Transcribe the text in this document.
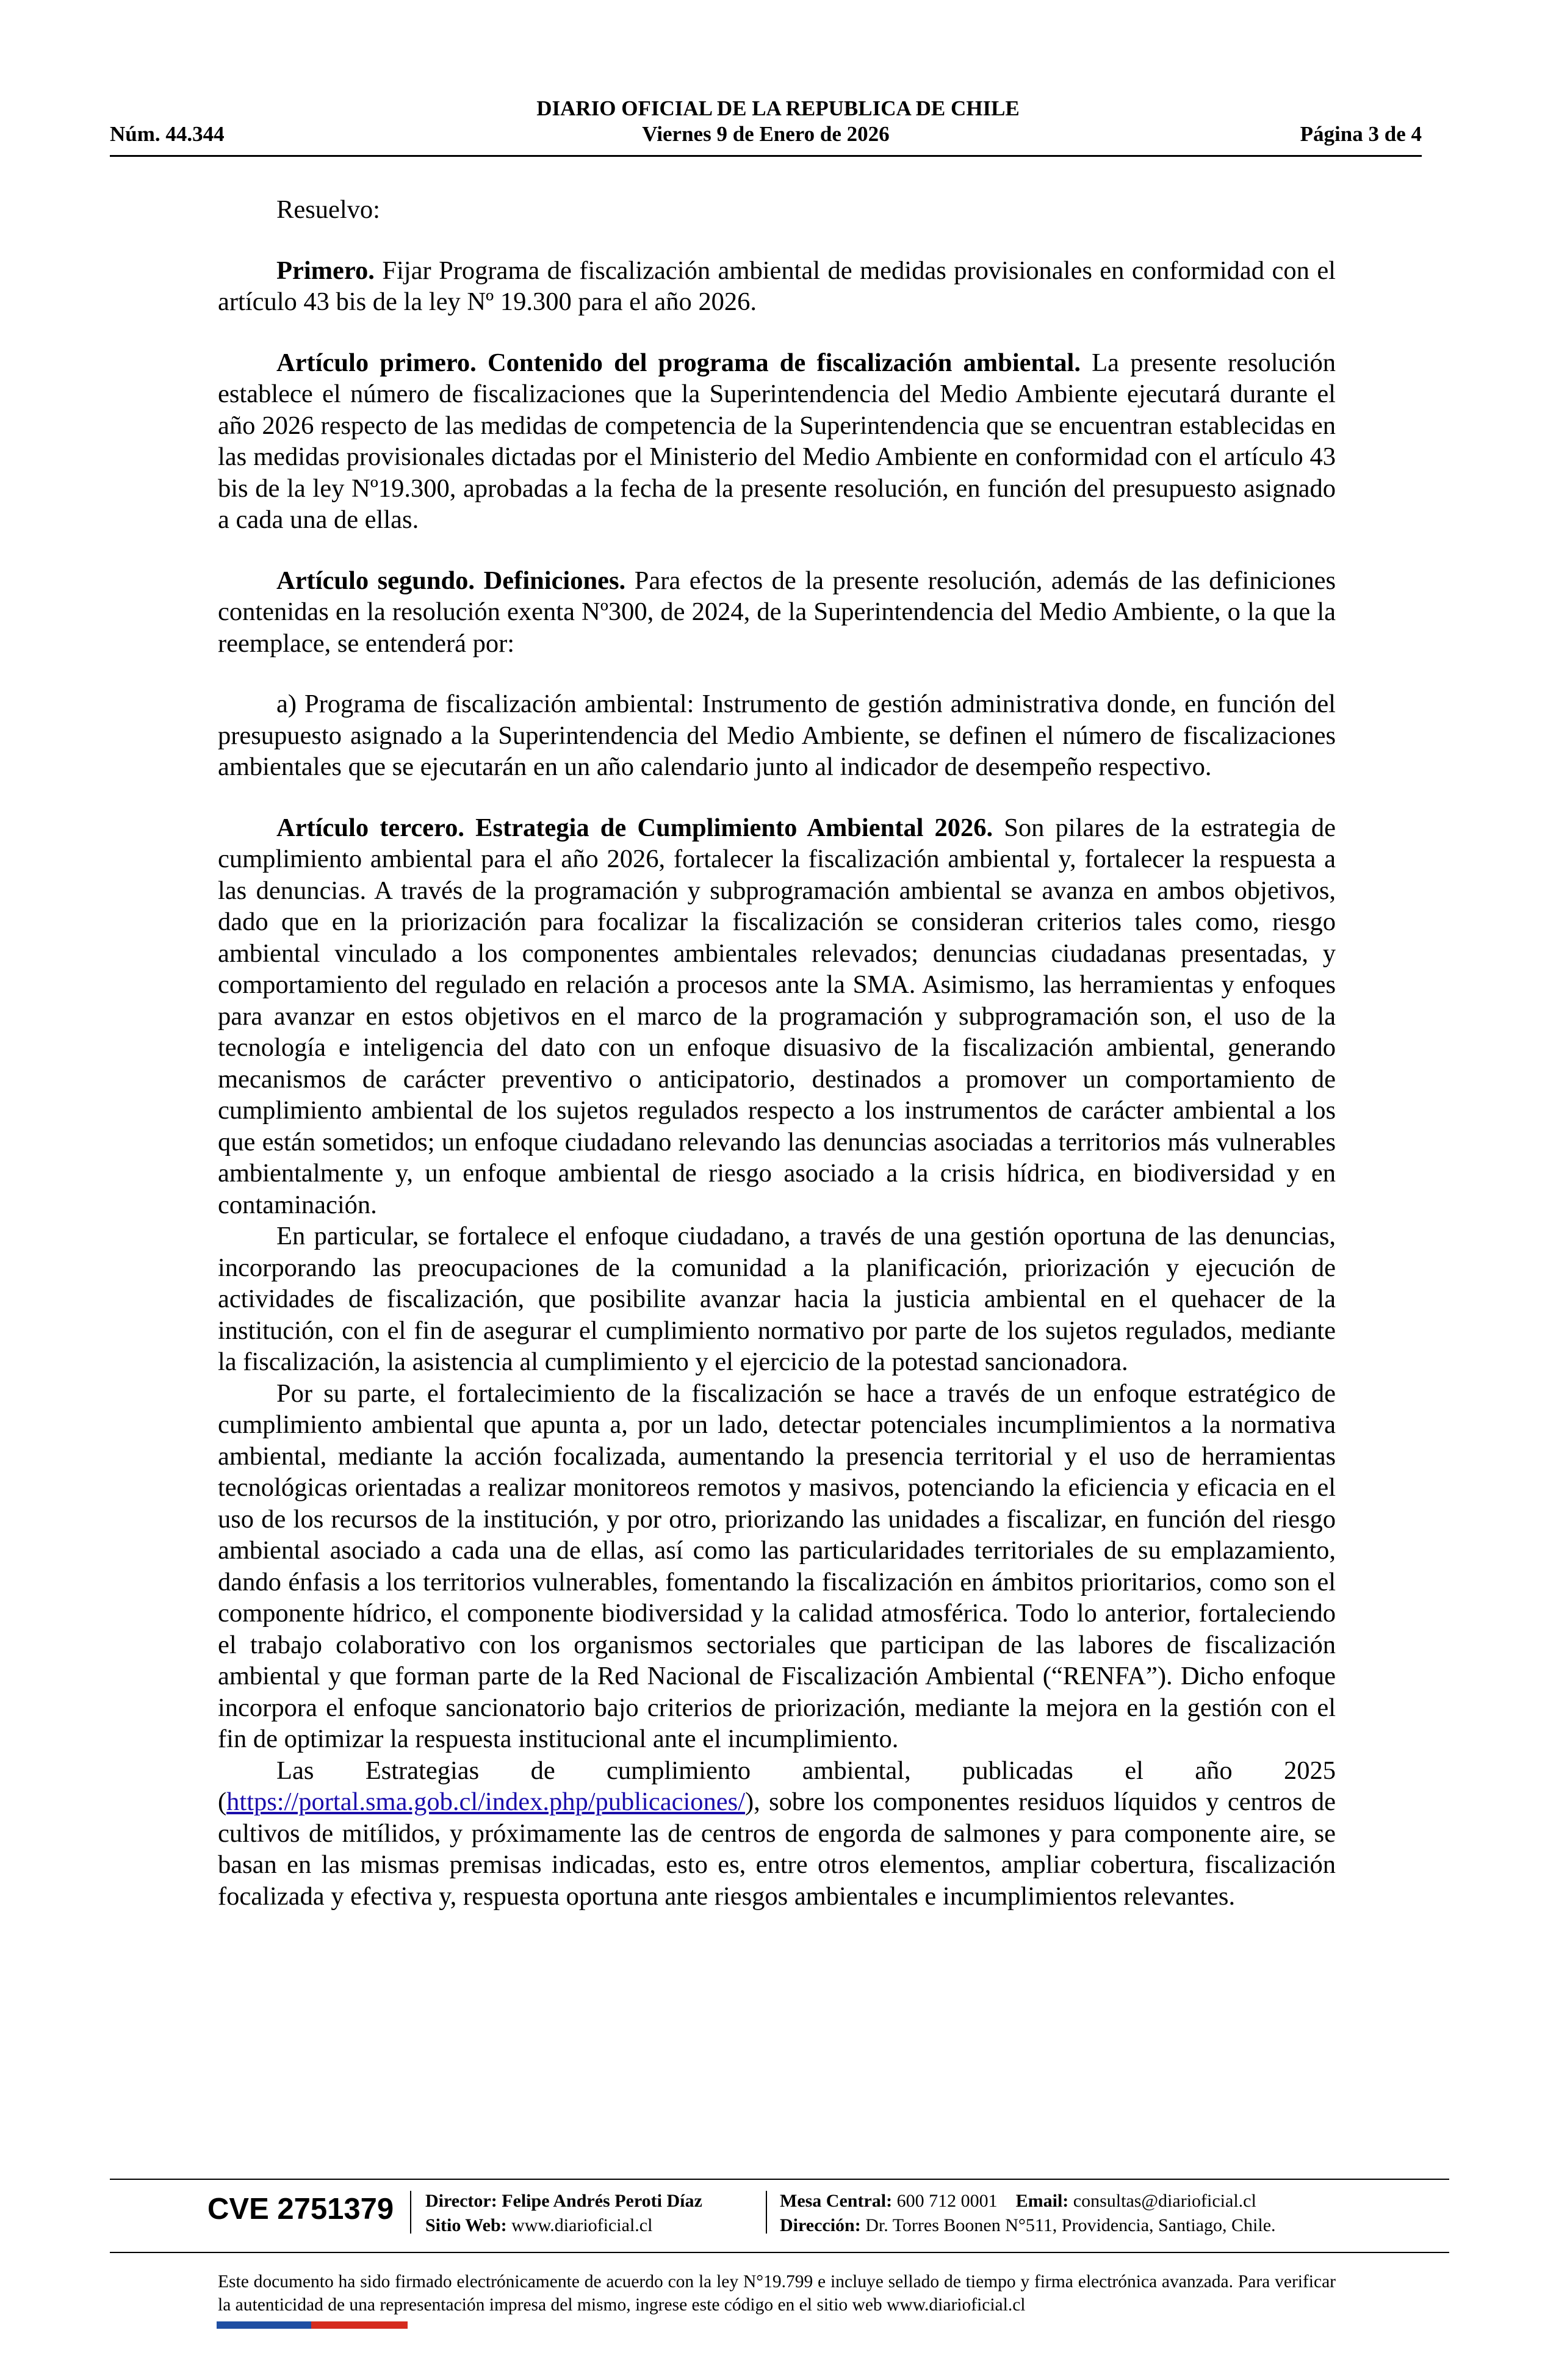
DIARIO OFICIAL DE LA REPUBLICA DE CHILE
Núm. 44.344	Viernes 9 de Enero de 2026	Página 3 de 4

Resuelvo:

Primero. Fijar Programa de fiscalización ambiental de medidas provisionales en conformidad con el artículo 43 bis de la ley Nº 19.300 para el año 2026.

Artículo primero. Contenido del programa de fiscalización ambiental. La presente resolución establece el número de fiscalizaciones que la Superintendencia del Medio Ambiente ejecutará durante el año 2026 respecto de las medidas de competencia de la Superintendencia que se encuentran establecidas en las medidas provisionales dictadas por el Ministerio del Medio Ambiente en conformidad con el artículo 43 bis de la ley Nº19.300, aprobadas a la fecha de la presente resolución, en función del presupuesto asignado a cada una de ellas.

Artículo segundo. Definiciones. Para efectos de la presente resolución, además de las definiciones contenidas en la resolución exenta Nº300, de 2024, de la Superintendencia del Medio Ambiente, o la que la reemplace, se entenderá por:

a) Programa de fiscalización ambiental: Instrumento de gestión administrativa donde, en función del presupuesto asignado a la Superintendencia del Medio Ambiente, se definen el número de fiscalizaciones ambientales que se ejecutarán en un año calendario junto al indicador de desempeño respectivo.

Artículo tercero. Estrategia de Cumplimiento Ambiental 2026. Son pilares de la estrategia de cumplimiento ambiental para el año 2026, fortalecer la fiscalización ambiental y, fortalecer la respuesta a las denuncias. A través de la programación y subprogramación ambiental se avanza en ambos objetivos, dado que en la priorización para focalizar la fiscalización se consideran criterios tales como, riesgo ambiental vinculado a los componentes ambientales relevados; denuncias ciudadanas presentadas, y comportamiento del regulado en relación a procesos ante la SMA. Asimismo, las herramientas y enfoques para avanzar en estos objetivos en el marco de la programación y subprogramación son, el uso de la tecnología e inteligencia del dato con un enfoque disuasivo de la fiscalización ambiental, generando mecanismos de carácter preventivo o anticipatorio, destinados a promover un comportamiento de cumplimiento ambiental de los sujetos regulados respecto a los instrumentos de carácter ambiental a los que están sometidos; un enfoque ciudadano relevando las denuncias asociadas a territorios más vulnerables ambientalmente y, un enfoque ambiental de riesgo asociado a la crisis hídrica, en biodiversidad y en contaminación.

En particular, se fortalece el enfoque ciudadano, a través de una gestión oportuna de las denuncias, incorporando las preocupaciones de la comunidad a la planificación, priorización y ejecución de actividades de fiscalización, que posibilite avanzar hacia la justicia ambiental en el quehacer de la institución, con el fin de asegurar el cumplimiento normativo por parte de los sujetos regulados, mediante la fiscalización, la asistencia al cumplimiento y el ejercicio de la potestad sancionadora.

Por su parte, el fortalecimiento de la fiscalización se hace a través de un enfoque estratégico de cumplimiento ambiental que apunta a, por un lado, detectar potenciales incumplimientos a la normativa ambiental, mediante la acción focalizada, aumentando la presencia territorial y el uso de herramientas tecnológicas orientadas a realizar monitoreos remotos y masivos, potenciando la eficiencia y eficacia en el uso de los recursos de la institución, y por otro, priorizando las unidades a fiscalizar, en función del riesgo ambiental asociado a cada una de ellas, así como las particularidades territoriales de su emplazamiento, dando énfasis a los territorios vulnerables, fomentando la fiscalización en ámbitos prioritarios, como son el componente hídrico, el componente biodiversidad y la calidad atmosférica. Todo lo anterior, fortaleciendo el trabajo colaborativo con los organismos sectoriales que participan de las labores de fiscalización ambiental y que forman parte de la Red Nacional de Fiscalización Ambiental (“RENFA”). Dicho enfoque incorpora el enfoque sancionatorio bajo criterios de priorización, mediante la mejora en la gestión con el fin de optimizar la respuesta institucional ante el incumplimiento.

Las Estrategias de cumplimiento ambiental, publicadas el año 2025 (https://portal.sma.gob.cl/index.php/publicaciones/), sobre los componentes residuos líquidos y centros de cultivos de mitílidos, y próximamente las de centros de engorda de salmones y para componente aire, se basan en las mismas premisas indicadas, esto es, entre otros elementos, ampliar cobertura, fiscalización focalizada y efectiva y, respuesta oportuna ante riesgos ambientales e incumplimientos relevantes.

CVE 2751379 Director: Felipe Andrés Peroti Díaz
Sitio Web: www.diarioficial.cl
Mesa Central: 600 712 0001 Email: consultas@diarioficial.cl
Dirección: Dr. Torres Boonen N°511, Providencia, Santiago, Chile.
Este documento ha sido firmado electrónicamente de acuerdo con la ley N°19.799 e incluye sellado de tiempo y firma electrónica avanzada. Para verificar la autenticidad de una representación impresa del mismo, ingrese este código en el sitio web www.diarioficial.cl
